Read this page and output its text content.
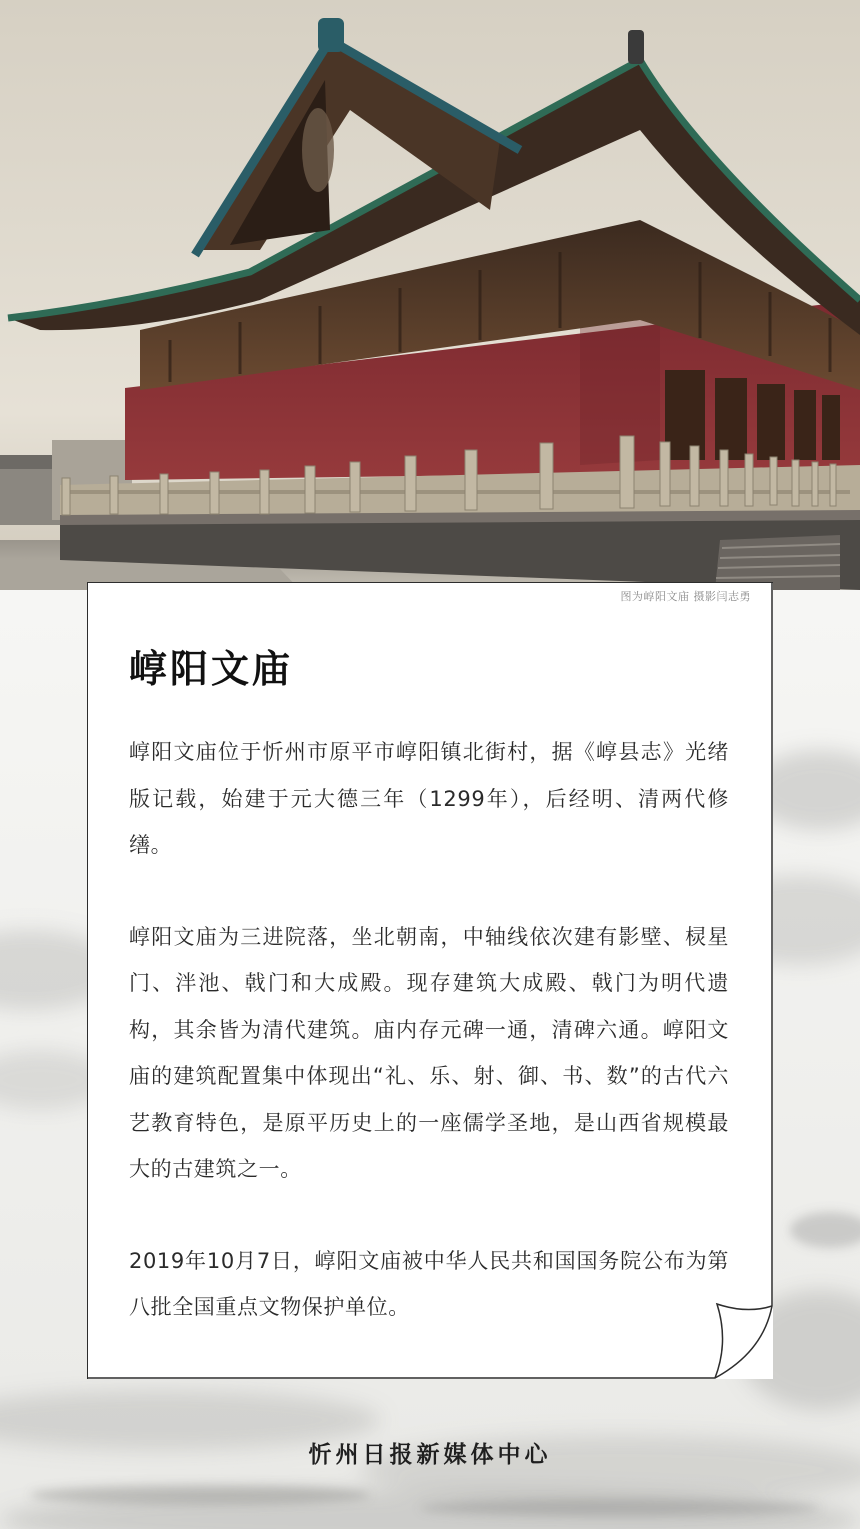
图为崞阳文庙 摄影闫志勇
崞阳文庙

崞阳文庙位于忻州市原平市崞阳镇北街村，据《崞县志》光绪版记载，始建于元大德三年（1299年），后经明、清两代修缮。

崞阳文庙为三进院落，坐北朝南，中轴线依次建有影壁、棂星门、泮池、戟门和大成殿。现存建筑大成殿、戟门为明代遗构，其余皆为清代建筑。庙内存元碑一通，清碑六通。崞阳文庙的建筑配置集中体现出“礼、乐、射、御、书、数”的古代六艺教育特色，是原平历史上的一座儒学圣地，是山西省规模最大的古建筑之一。

2019年10月7日，崞阳文庙被中华人民共和国国务院公布为第八批全国重点文物保护单位。

忻州日报新媒体中心
